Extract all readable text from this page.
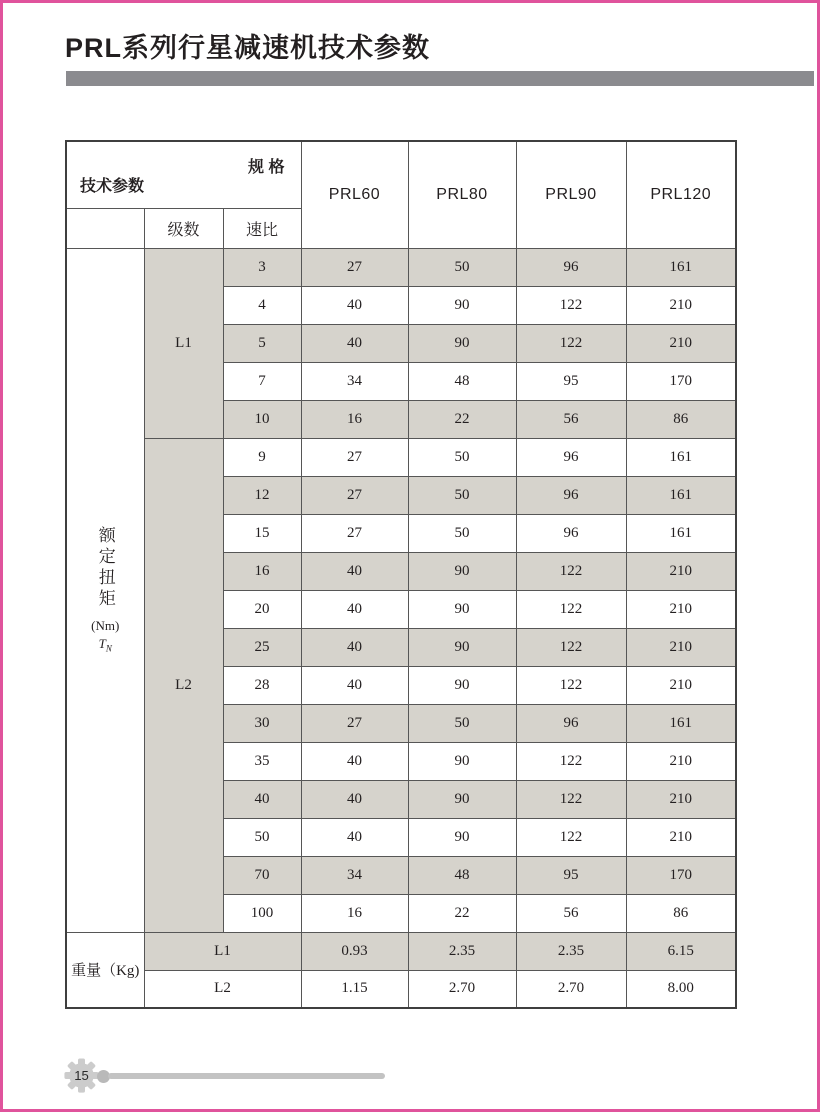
PRL系列行星减速机技术参数
规 格
技术参数			PRL60	PRL80	PRL90	PRL120
	级数	速比				

额定扭矩
(Nm)
$T_N$	L1	3	27	50	96	161
		4	40	90	122	210
		5	40	90	122	210
		7	34	48	95	170
		10	16	22	56	86
	L2	9	27	50	96	161
		12	27	50	96	161
		15	27	50	96	161
		16	40	90	122	210
		20	40	90	122	210
		25	40	90	122	210
		28	40	90	122	210
		30	27	50	96	161
		35	40	90	122	210
		40	40	90	122	210
		50	40	90	122	210
		70	34	48	95	170
		100	16	22	56	86
重量（Kg)	L1		0.93	2.35	2.35	6.15
	L2		1.15	2.70	2.70	8.00
15
